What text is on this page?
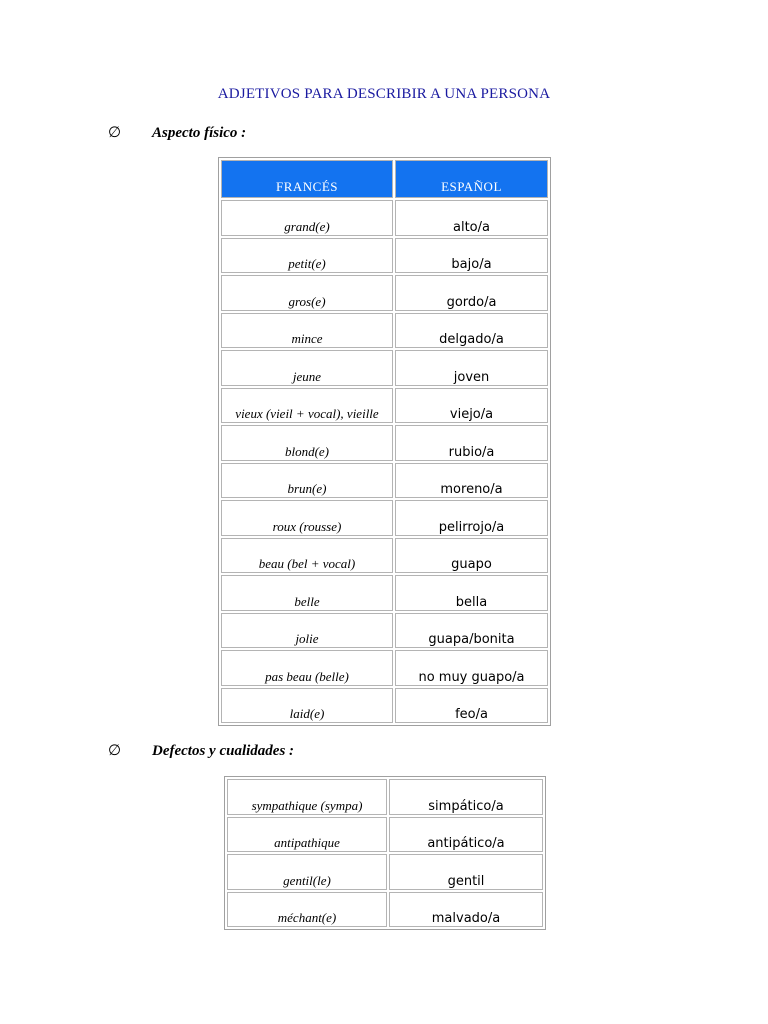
ADJETIVOS PARA DESCRIBIR A UNA PERSONA
∅ Aspecto físico :
FRANCÉS	ESPAÑOL
grand(e)	alto/a
petit(e)	bajo/a
gros(e)	gordo/a
mince	delgado/a
jeune	joven
vieux (vieil + vocal), vieille	viejo/a
blond(e)	rubio/a
brun(e)	moreno/a
roux (rousse)	pelirrojo/a
beau (bel + vocal)	guapo
belle	bella
jolie	guapa/bonita
pas beau (belle)	no muy guapo/a
laid(e)	feo/a
∅ Defectos y cualidades :
sympathique (sympa)	simpático/a
antipathique	antipático/a
gentil(le)	gentil
méchant(e)	malvado/a
